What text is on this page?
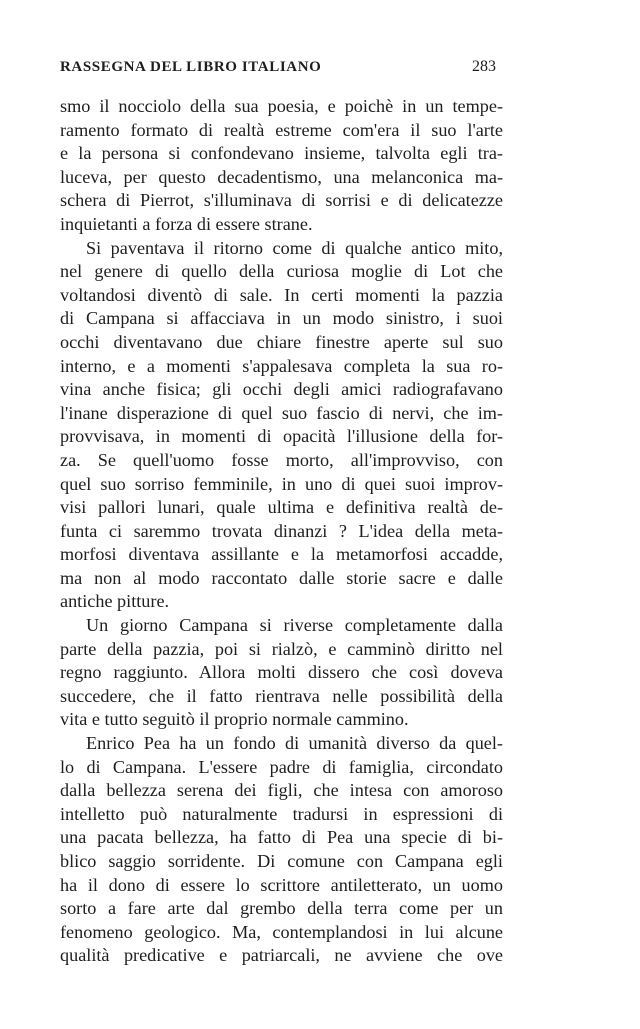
RASSEGNA DEL LIBRO ITALIANO	283
smo il nocciolo della sua poesia, e poichè in un tempe-
ramento formato di realtà estreme com'era il suo l'arte
e la persona si confondevano insieme, talvolta egli tra-
luceva, per questo decadentismo, una melanconica ma-
schera di Pierrot, s'illuminava di sorrisi e di delicatezze
inquietanti a forza di essere strane.
Si paventava il ritorno come di qualche antico mito,
nel genere di quello della curiosa moglie di Lot che
voltandosi diventò di sale. In certi momenti la pazzia
di Campana si affacciava in un modo sinistro, i suoi
occhi diventavano due chiare finestre aperte sul suo
interno, e a momenti s'appalesava completa la sua ro-
vina anche fisica; gli occhi degli amici radiografavano
l'inane disperazione di quel suo fascio di nervi, che im-
provvisava, in momenti di opacità l'illusione della for-
za. Se quell'uomo fosse morto, all'improvviso, con
quel suo sorriso femminile, in uno di quei suoi improv-
visi pallori lunari, quale ultima e definitiva realtà de-
funta ci saremmo trovata dinanzi ? L'idea della meta-
morfosi diventava assillante e la metamorfosi accadde,
ma non al modo raccontato dalle storie sacre e dalle
antiche pitture.
Un giorno Campana si riverse completamente dalla
parte della pazzia, poi si rialzò, e camminò diritto nel
regno raggiunto. Allora molti dissero che così doveva
succedere, che il fatto rientrava nelle possibilità della
vita e tutto seguitò il proprio normale cammino.
Enrico Pea ha un fondo di umanità diverso da quel-
lo di Campana. L'essere padre di famiglia, circondato
dalla bellezza serena dei figli, che intesa con amoroso
intelletto può naturalmente tradursi in espressioni di
una pacata bellezza, ha fatto di Pea una specie di bi-
blico saggio sorridente. Di comune con Campana egli
ha il dono di essere lo scrittore antiletterato, un uomo
sorto a fare arte dal grembo della terra come per un
fenomeno geologico. Ma, contemplandosi in lui alcune
qualità predicative e patriarcali, ne avviene che ove
